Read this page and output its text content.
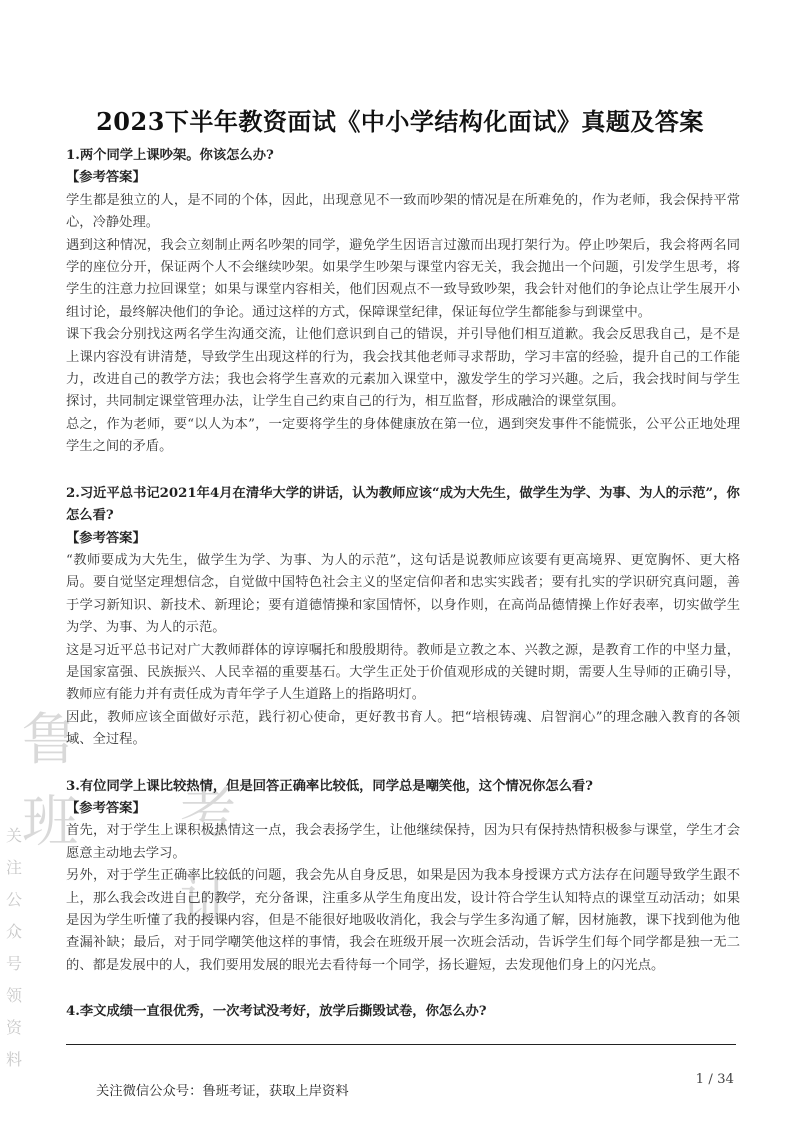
鲁班 考证
关注公众号领资料
2023下半年教资面试《中小学结构化面试》真题及答案

1.两个同学上课吵架。你该怎么办?

【参考答案】

学生都是独立的人，是不同的个体，因此，出现意见不一致而吵架的情况是在所难免的，作为老师，我会保持平常心，冷静处理。

遇到这种情况，我会立刻制止两名吵架的同学，避免学生因语言过激而出现打架行为。停止吵架后，我会将两名同学的座位分开，保证两个人不会继续吵架。如果学生吵架与课堂内容无关，我会抛出一个问题，引发学生思考，将学生的注意力拉回课堂；如果与课堂内容相关，他们因观点不一致导致吵架，我会针对他们的争论点让学生展开小组讨论，最终解决他们的争论。通过这样的方式，保障课堂纪律，保证每位学生都能参与到课堂中。

课下我会分别找这两名学生沟通交流，让他们意识到自己的错误，并引导他们相互道歉。我会反思我自己，是不是上课内容没有讲清楚，导致学生出现这样的行为，我会找其他老师寻求帮助，学习丰富的经验，提升自己的工作能力，改进自己的教学方法；我也会将学生喜欢的元素加入课堂中，激发学生的学习兴趣。之后，我会找时间与学生探讨，共同制定课堂管理办法，让学生自己约束自己的行为，相互监督，形成融洽的课堂氛围。

总之，作为老师，要“以人为本”，一定要将学生的身体健康放在第一位，遇到突发事件不能慌张，公平公正地处理学生之间的矛盾。

2.习近平总书记2021年4月在清华大学的讲话，认为教师应该“成为大先生，做学生为学、为事、为人的示范”，你怎么看?

【参考答案】

“教师要成为大先生，做学生为学、为事、为人的示范”，这句话是说教师应该要有更高境界、更宽胸怀、更大格局。要自觉坚定理想信念，自觉做中国特色社会主义的坚定信仰者和忠实实践者；要有扎实的学识研究真问题，善于学习新知识、新技术、新理论；要有道德情操和家国情怀，以身作则，在高尚品德情操上作好表率，切实做学生为学、为事、为人的示范。

这是习近平总书记对广大教师群体的谆谆嘱托和殷殷期待。教师是立教之本、兴教之源，是教育工作的中坚力量，是国家富强、民族振兴、人民幸福的重要基石。大学生正处于价值观形成的关键时期，需要人生导师的正确引导，教师应有能力并有责任成为青年学子人生道路上的指路明灯。

因此，教师应该全面做好示范，践行初心使命，更好教书育人。把“培根铸魂、启智润心”的理念融入教育的各领域、全过程。

3.有位同学上课比较热情，但是回答正确率比较低，同学总是嘲笑他，这个情况你怎么看?

【参考答案】

首先，对于学生上课积极热情这一点，我会表扬学生，让他继续保持，因为只有保持热情积极参与课堂，学生才会愿意主动地去学习。

另外，对于学生正确率比较低的问题，我会先从自身反思，如果是因为我本身授课方式方法存在问题导致学生跟不上，那么我会改进自己的教学，充分备课，注重多从学生角度出发，设计符合学生认知特点的课堂互动活动；如果是因为学生听懂了我的授课内容，但是不能很好地吸收消化，我会与学生多沟通了解，因材施教，课下找到他为他查漏补缺；最后，对于同学嘲笑他这样的事情，我会在班级开展一次班会活动，告诉学生们每个同学都是独一无二的、都是发展中的人，我们要用发展的眼光去看待每一个同学，扬长避短，去发现他们身上的闪光点。

4.李文成绩一直很优秀，一次考试没考好，放学后撕毁试卷，你怎么办?

关注微信公众号：鲁班考证，获取上岸资料
1 / 34
